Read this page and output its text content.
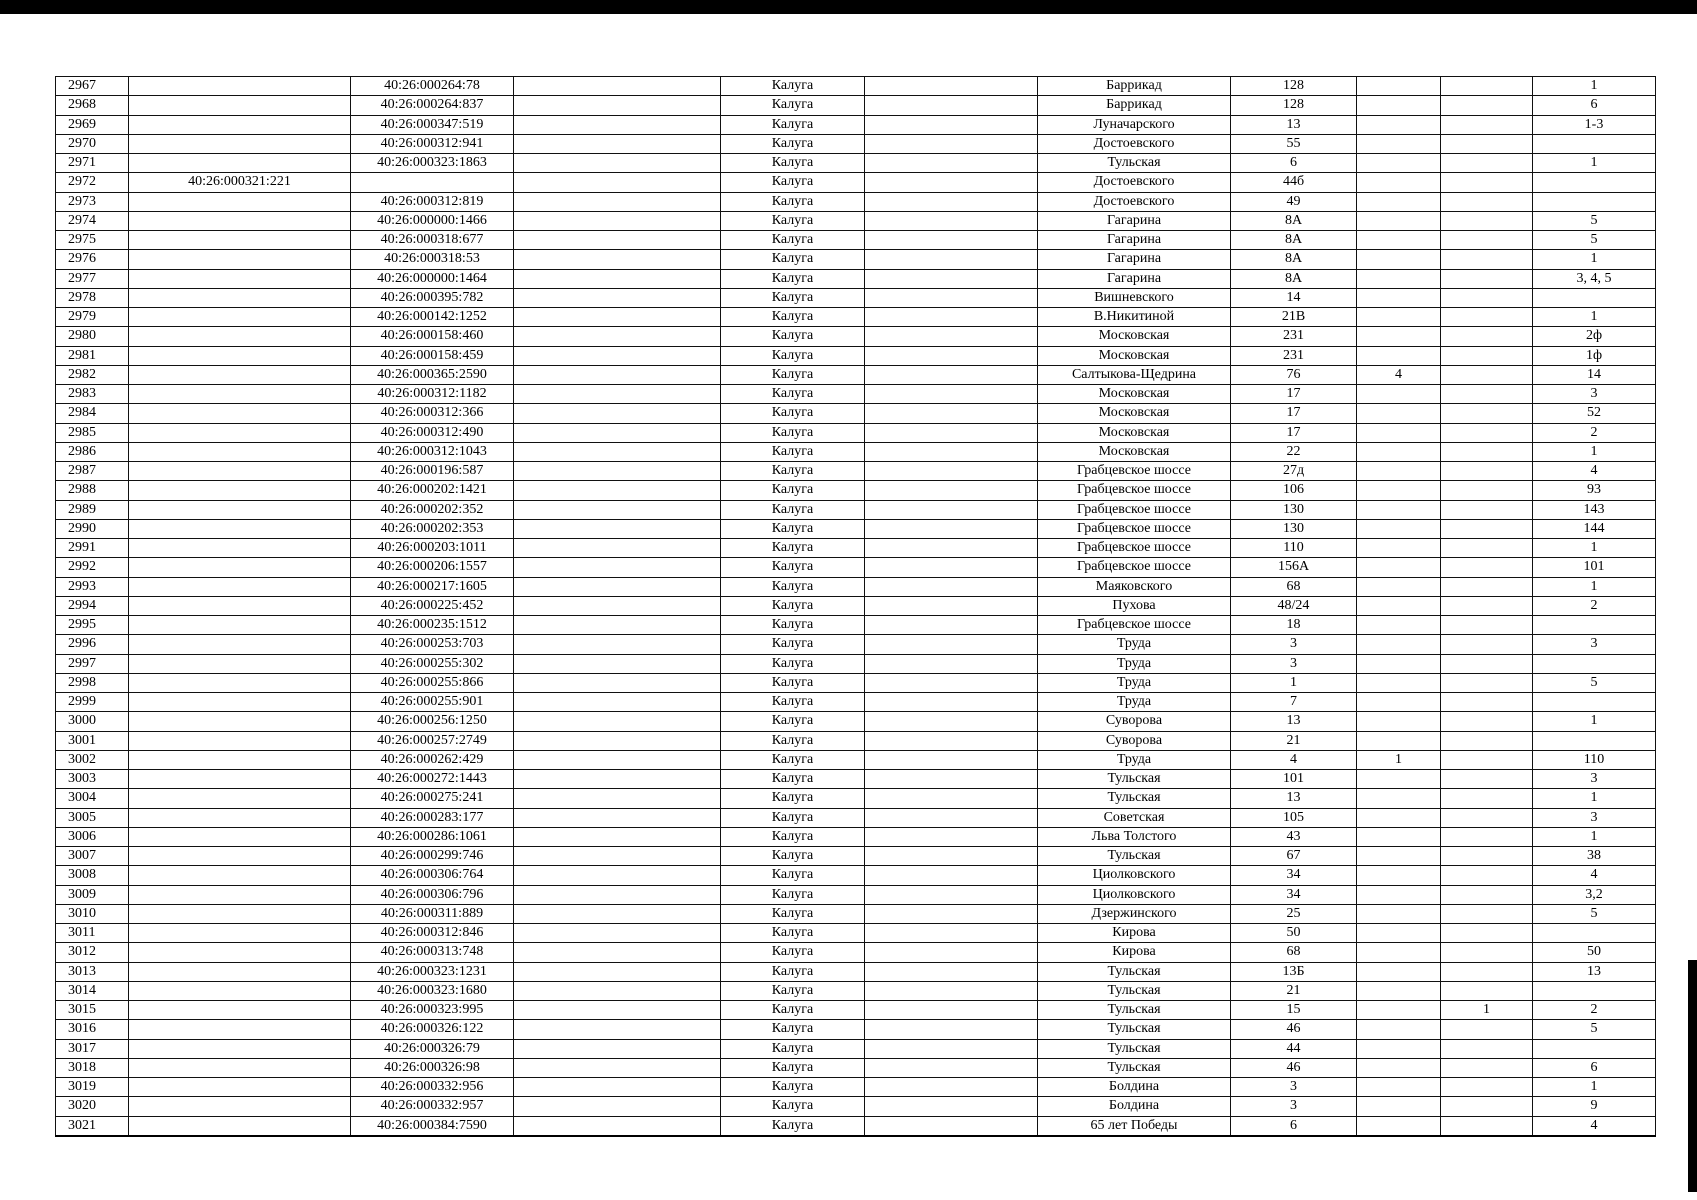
2967		40:26:000264:78		Калуга		Баррикад	128			1
2968		40:26:000264:837		Калуга		Баррикад	128			6
2969		40:26:000347:519		Калуга		Луначарского	13			1-3
2970		40:26:000312:941		Калуга		Достоевского	55			
2971		40:26:000323:1863		Калуга		Тульская	6			1
2972	40:26:000321:221			Калуга		Достоевского	44б			
2973		40:26:000312:819		Калуга		Достоевского	49			
2974		40:26:000000:1466		Калуга		Гагарина	8А			5
2975		40:26:000318:677		Калуга		Гагарина	8А			5
2976		40:26:000318:53		Калуга		Гагарина	8А			1
2977		40:26:000000:1464		Калуга		Гагарина	8А			3, 4, 5
2978		40:26:000395:782		Калуга		Вишневского	14			
2979		40:26:000142:1252		Калуга		В.Никитиной	21В			1
2980		40:26:000158:460		Калуга		Московская	231			2ф
2981		40:26:000158:459		Калуга		Московская	231			1ф
2982		40:26:000365:2590		Калуга		Салтыкова-Щедрина	76	4		14
2983		40:26:000312:1182		Калуга		Московская	17			3
2984		40:26:000312:366		Калуга		Московская	17			52
2985		40:26:000312:490		Калуга		Московская	17			2
2986		40:26:000312:1043		Калуга		Московская	22			1
2987		40:26:000196:587		Калуга		Грабцевское шоссе	27д			4
2988		40:26:000202:1421		Калуга		Грабцевское шоссе	106			93
2989		40:26:000202:352		Калуга		Грабцевское шоссе	130			143
2990		40:26:000202:353		Калуга		Грабцевское шоссе	130			144
2991		40:26:000203:1011		Калуга		Грабцевское шоссе	110			1
2992		40:26:000206:1557		Калуга		Грабцевское шоссе	156А			101
2993		40:26:000217:1605		Калуга		Маяковского	68			1
2994		40:26:000225:452		Калуга		Пухова	48/24			2
2995		40:26:000235:1512		Калуга		Грабцевское шоссе	18			
2996		40:26:000253:703		Калуга		Труда	3			3
2997		40:26:000255:302		Калуга		Труда	3			
2998		40:26:000255:866		Калуга		Труда	1			5
2999		40:26:000255:901		Калуга		Труда	7			
3000		40:26:000256:1250		Калуга		Суворова	13			1
3001		40:26:000257:2749		Калуга		Суворова	21			
3002		40:26:000262:429		Калуга		Труда	4	1		110
3003		40:26:000272:1443		Калуга		Тульская	101			3
3004		40:26:000275:241		Калуга		Тульская	13			1
3005		40:26:000283:177		Калуга		Советская	105			3
3006		40:26:000286:1061		Калуга		Льва Толстого	43			1
3007		40:26:000299:746		Калуга		Тульская	67			38
3008		40:26:000306:764		Калуга		Циолковского	34			4
3009		40:26:000306:796		Калуга		Циолковского	34			3,2
3010		40:26:000311:889		Калуга		Дзержинского	25			5
3011		40:26:000312:846		Калуга		Кирова	50			
3012		40:26:000313:748		Калуга		Кирова	68			50
3013		40:26:000323:1231		Калуга		Тульская	13Б			13
3014		40:26:000323:1680		Калуга		Тульская	21			
3015		40:26:000323:995		Калуга		Тульская	15		1	2
3016		40:26:000326:122		Калуга		Тульская	46			5
3017		40:26:000326:79		Калуга		Тульская	44			
3018		40:26:000326:98		Калуга		Тульская	46			6
3019		40:26:000332:956		Калуга		Болдина	3			1
3020		40:26:000332:957		Калуга		Болдина	3			9
3021		40:26:000384:7590		Калуга		65 лет Победы	6			4
